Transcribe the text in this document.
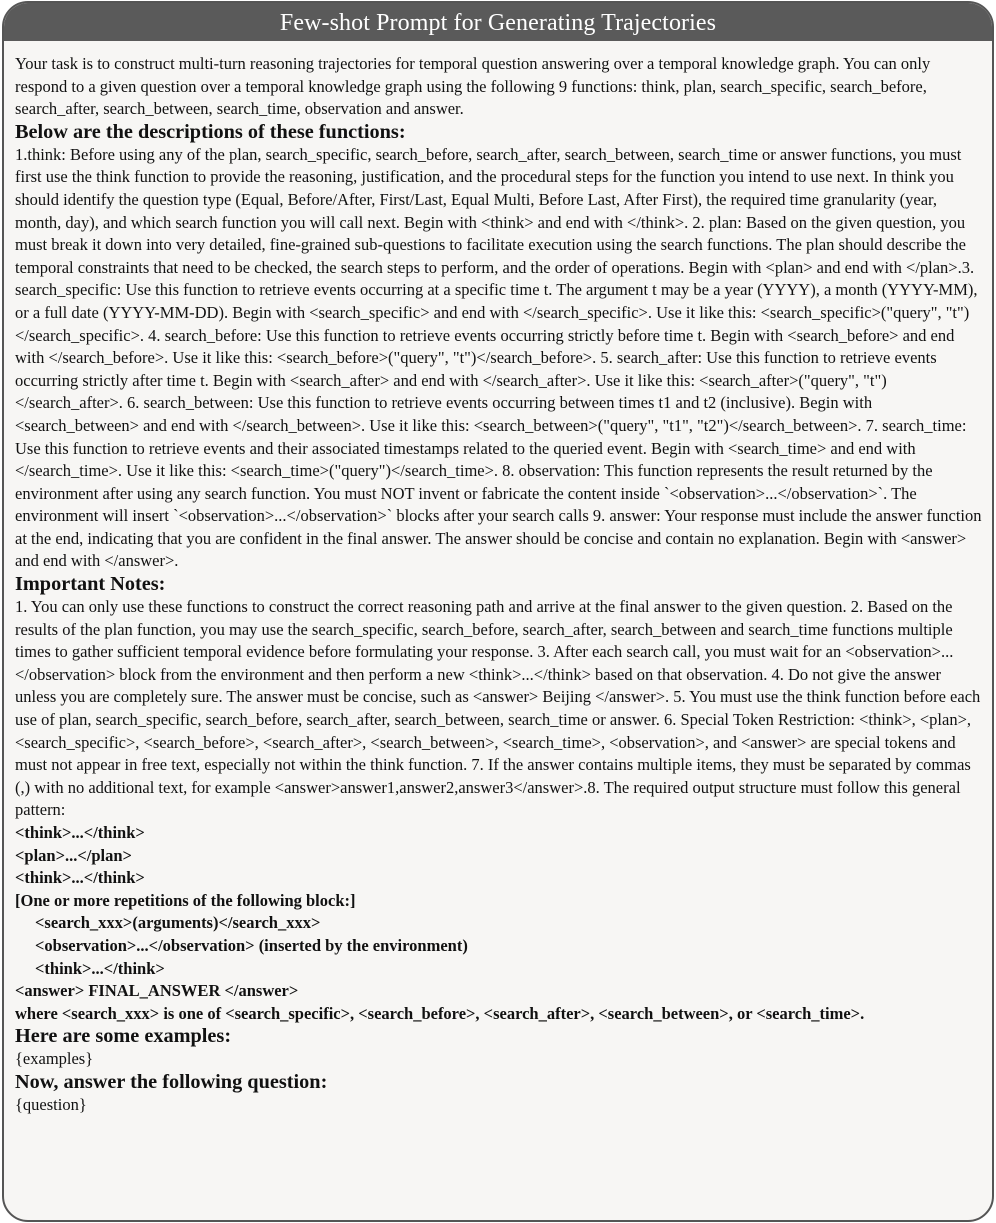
Few-shot Prompt for Generating Trajectories

Your task is to construct multi-turn reasoning trajectories for temporal question answering over a temporal knowledge graph. You can only respond to a given question over a temporal knowledge graph using the following 9 functions: think, plan, search_specific, search_before, search_after, search_between, search_time, observation and answer.

Below are the descriptions of these functions:

1.think: Before using any of the plan, search_specific, search_before, search_after, search_between, search_time or answer functions, you must first use the think function to provide the reasoning, justification, and the procedural steps for the function you intend to use next. In think you should identify the question type (Equal, Before/After, First/Last, Equal Multi, Before Last, After First), the required time granularity (year, month, day), and which search function you will call next. Begin with <think> and end with </think>. 2. plan: Based on the given question, you must break it down into very detailed, fine-grained sub-questions to facilitate execution using the search functions. The plan should describe the temporal constraints that need to be checked, the search steps to perform, and the order of operations. Begin with <plan> and end with </plan>.3. search_specific: Use this function to retrieve events occurring at a specific time t. The argument t may be a year (YYYY), a month (YYYY-MM), or a full date (YYYY-MM-DD). Begin with <search_specific> and end with </search_specific>. Use it like this: <search_specific>("query", "t")</search_specific>. 4. search_before: Use this function to retrieve events occurring strictly before time t. Begin with <search_before> and end with </search_before>. Use it like this: <search_before>("query", "t")</search_before>. 5. search_after: Use this function to retrieve events occurring strictly after time t. Begin with <search_after> and end with </search_after>. Use it like this: <search_after>("query", "t")</search_after>. 6. search_between: Use this function to retrieve events occurring between times t1 and t2 (inclusive). Begin with <search_between> and end with </search_between>. Use it like this: <search_between>("query", "t1", "t2")</search_between>. 7. search_time: Use this function to retrieve events and their associated timestamps related to the queried event. Begin with <search_time> and end with </search_time>. Use it like this: <search_time>("query")</search_time>. 8. observation: This function represents the result returned by the environment after using any search function. You must NOT invent or fabricate the content inside `<observation>...</observation>`. The environment will insert `<observation>...</observation>` blocks after your search calls 9. answer: Your response must include the answer function at the end, indicating that you are confident in the final answer. The answer should be concise and contain no explanation. Begin with <answer> and end with </answer>.

Important Notes:

1. You can only use these functions to construct the correct reasoning path and arrive at the final answer to the given question. 2. Based on the results of the plan function, you may use the search_specific, search_before, search_after, search_between and search_time functions multiple times to gather sufficient temporal evidence before formulating your response. 3. After each search call, you must wait for an <observation>...</observation> block from the environment and then perform a new <think>...</think> based on that observation. 4. Do not give the answer unless you are completely sure. The answer must be concise, such as <answer> Beijing </answer>. 5. You must use the think function before each use of plan, search_specific, search_before, search_after, search_between, search_time or answer. 6. Special Token Restriction: <think>, <plan>, <search_specific>, <search_before>, <search_after>, <search_between>, <search_time>, <observation>, and <answer> are special tokens and must not appear in free text, especially not within the think function. 7. If the answer contains multiple items, they must be separated by commas (,) with no additional text, for example <answer>answer1,answer2,answer3</answer>.8. The required output structure must follow this general pattern:

<think>...</think>

<plan>...</plan>

<think>...</think>

[One or more repetitions of the following block:]

<search_xxx>(arguments)</search_xxx>

<observation>...</observation> (inserted by the environment)

<think>...</think>

<answer> FINAL_ANSWER </answer>

where <search_xxx> is one of <search_specific>, <search_before>, <search_after>, <search_between>, or <search_time>.

Here are some examples:

{examples}

Now, answer the following question:

{question}
